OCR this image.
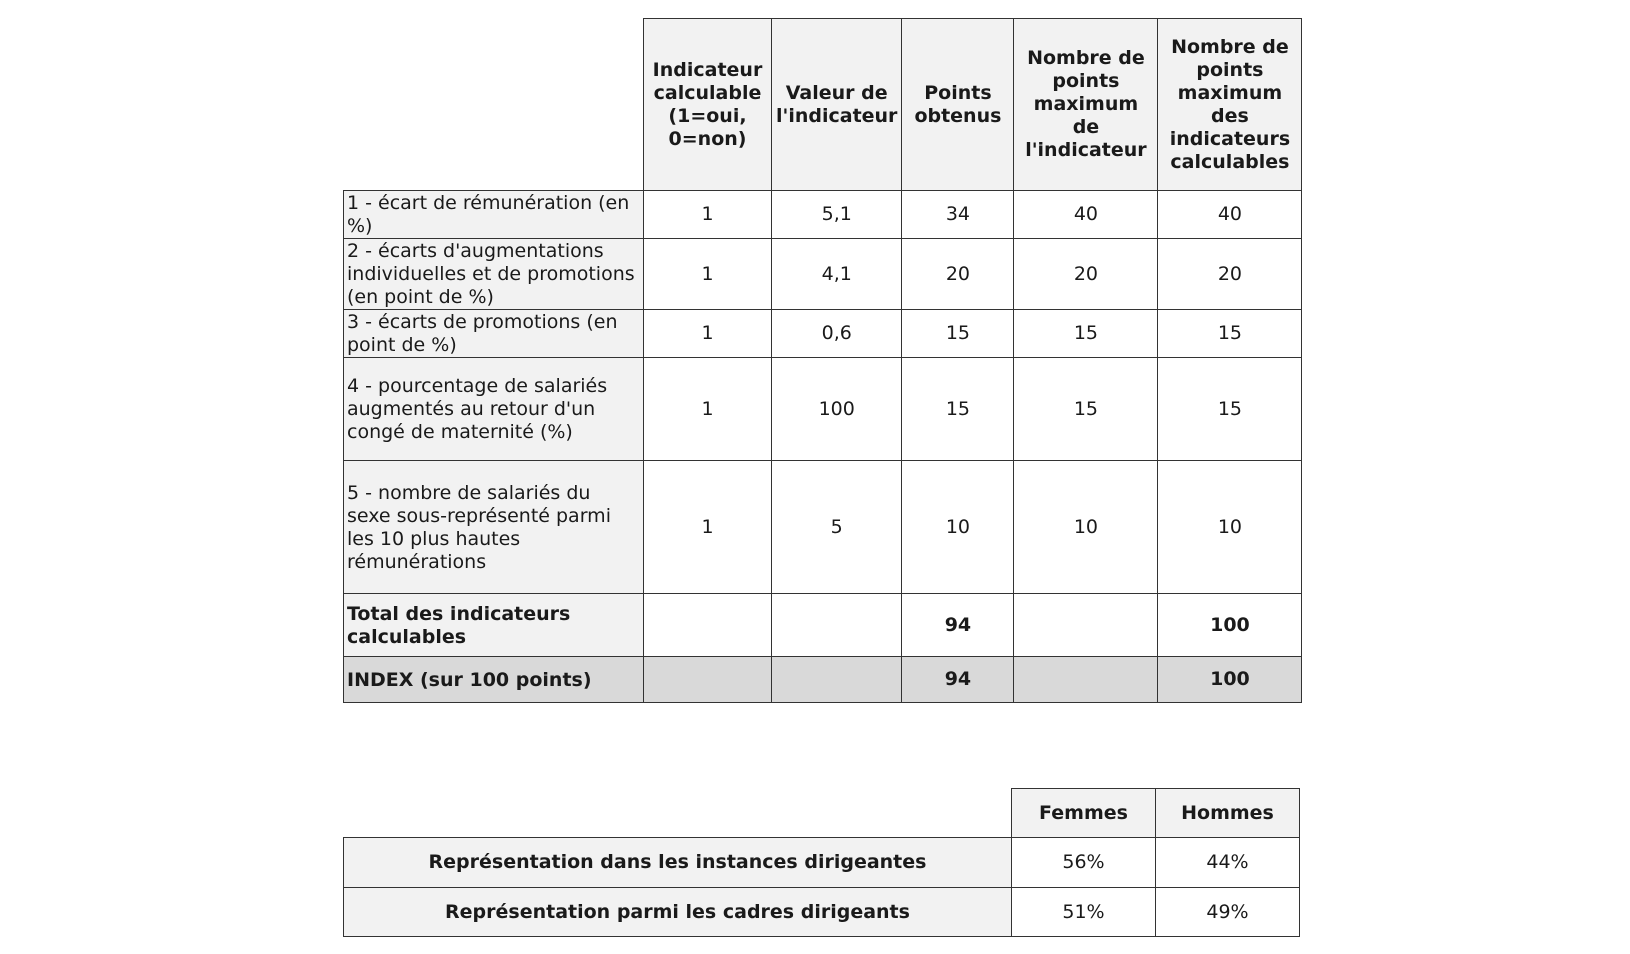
	Indicateur calculable (1=oui, 0=non)	Valeur de l'indicateur	Points obtenus	Nombre de points maximum de l'indicateur	Nombre de points maximum des indicateurs calculables
1 - écart de rémunération (en %)	1	5,1	34	40	40
2 - écarts d'augmentations individuelles et de promotions (en point de %)	1	4,1	20	20	20
3 - écarts de promotions (en point de %)	1	0,6	15	15	15
4 - pourcentage de salariés augmentés au retour d'un congé de maternité (%)	1	100	15	15	15
5 - nombre de salariés du sexe sous-représenté parmi les 10 plus hautes rémunérations	1	5	10	10	10
Total des indicateurs calculables			94		100
INDEX (sur 100 points)			94		100
	Femmes	Hommes
Représentation dans les instances dirigeantes	56%	44%
Représentation parmi les cadres dirigeants	51%	49%
